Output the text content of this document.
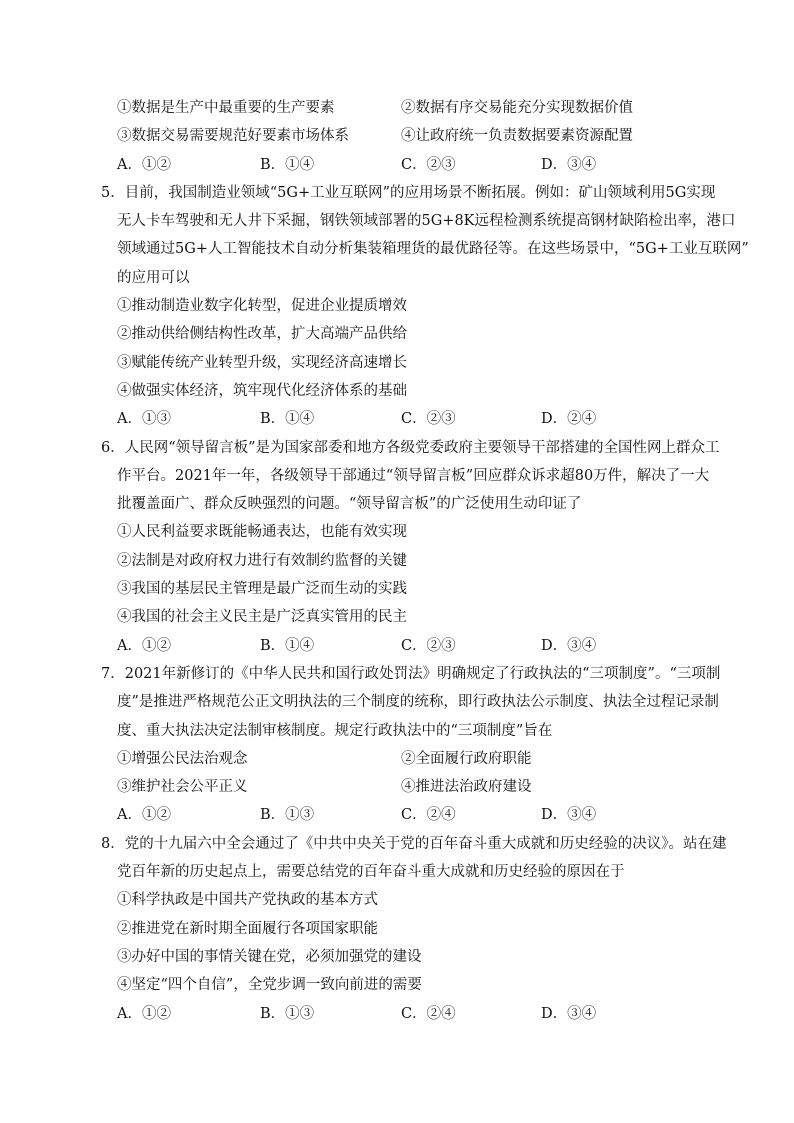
①数据是生产中最重要的生产要素	②数据有序交易能充分实现数据价值
③数据交易需要规范好要素市场体系	④让政府统一负责数据要素资源配置
A．①②	B．①④	C．②③	D．③④
5．目前，我国制造业领域“5G+工业互联网”的应用场景不断拓展。例如：矿山领域利用5G实现
无人卡车驾驶和无人井下采掘，钢铁领域部署的5G+8K远程检测系统提高钢材缺陷检出率，港口
领域通过5G+人工智能技术自动分析集装箱理货的最优路径等。在这些场景中，“5G+工业互联网”
的应用可以
①推动制造业数字化转型，促进企业提质增效
②推动供给侧结构性改革，扩大高端产品供给
③赋能传统产业转型升级，实现经济高速增长
④做强实体经济，筑牢现代化经济体系的基础
A．①③	B．①④	C．②③	D．②④
6．人民网“领导留言板”是为国家部委和地方各级党委政府主要领导干部搭建的全国性网上群众工
作平台。2021年一年，各级领导干部通过“领导留言板”回应群众诉求超80万件，解决了一大
批覆盖面广、群众反映强烈的问题。“领导留言板”的广泛使用生动印证了
①人民利益要求既能畅通表达，也能有效实现
②法制是对政府权力进行有效制约监督的关键
③我国的基层民主管理是最广泛而生动的实践
④我国的社会主义民主是广泛真实管用的民主
A．①②	B．①④	C．②③	D．③④
7．2021年新修订的《中华人民共和国行政处罚法》明确规定了行政执法的“三项制度”。“三项制
度”是推进严格规范公正文明执法的三个制度的统称，即行政执法公示制度、执法全过程记录制
度、重大执法决定法制审核制度。规定行政执法中的“三项制度”旨在
①增强公民法治观念	②全面履行政府职能
③维护社会公平正义	④推进法治政府建设
A．①②	B．①③	C．②④	D．③④
8．党的十九届六中全会通过了《中共中央关于党的百年奋斗重大成就和历史经验的决议》。站在建
党百年新的历史起点上，需要总结党的百年奋斗重大成就和历史经验的原因在于
①科学执政是中国共产党执政的基本方式
②推进党在新时期全面履行各项国家职能
③办好中国的事情关键在党，必须加强党的建设
④坚定“四个自信”，全党步调一致向前进的需要
A．①②	B．①③	C．②④	D．③④
